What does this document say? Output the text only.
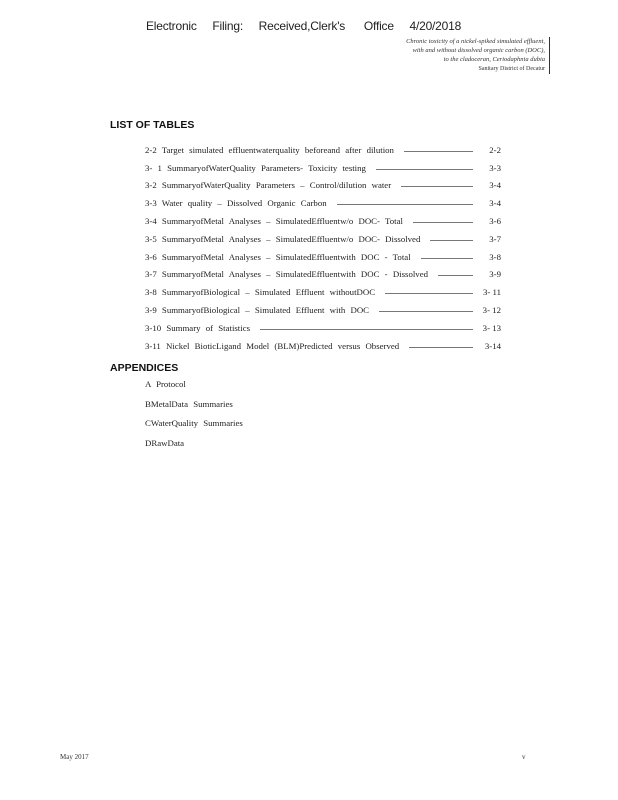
Electronic     Filing:     Received,Clerk's      Office     4/20/2018
Chronic toxicity of a nickel-spiked simulated effluent,
with and without dissolved organic carbon (DOC),
to the cladoceran, Ceriodaphnia dubia
Sanitary District of Decatur
LIST OF TABLES
2-2 Target simulated effluentwaterquality beforeand after dilution	2-2
3- 1 SummaryofWaterQuality Parameters- Toxicity testing	3-3
3-2 SummaryofWaterQuality Parameters – Control/dilution water	3-4
3-3 Water quality – Dissolved Organic Carbon	3-4
3-4 SummaryofMetal Analyses – SimulatedEffluentw/o DOC- Total	3-6
3-5 SummaryofMetal Analyses – SimulatedEffluentw/o DOC- Dissolved	3-7
3-6 SummaryofMetal Analyses – SimulatedEffluentwith DOC - Total	3-8
3-7 SummaryofMetal Analyses – SimulatedEffluentwith DOC - Dissolved	3-9
3-8 SummaryofBiological – Simulated Effluent withoutDOC	3- 11
3-9 SummaryofBiological – Simulated Effluent with DOC	3- 12
3-10 Summary of Statistics	3- 13
3-11 Nickel BioticLigand Model (BLM)Predicted versus Observed	3-14
APPENDICES
A Protocol
BMetalData Summaries
CWaterQuality Summaries
DRawData
May 2017	v
